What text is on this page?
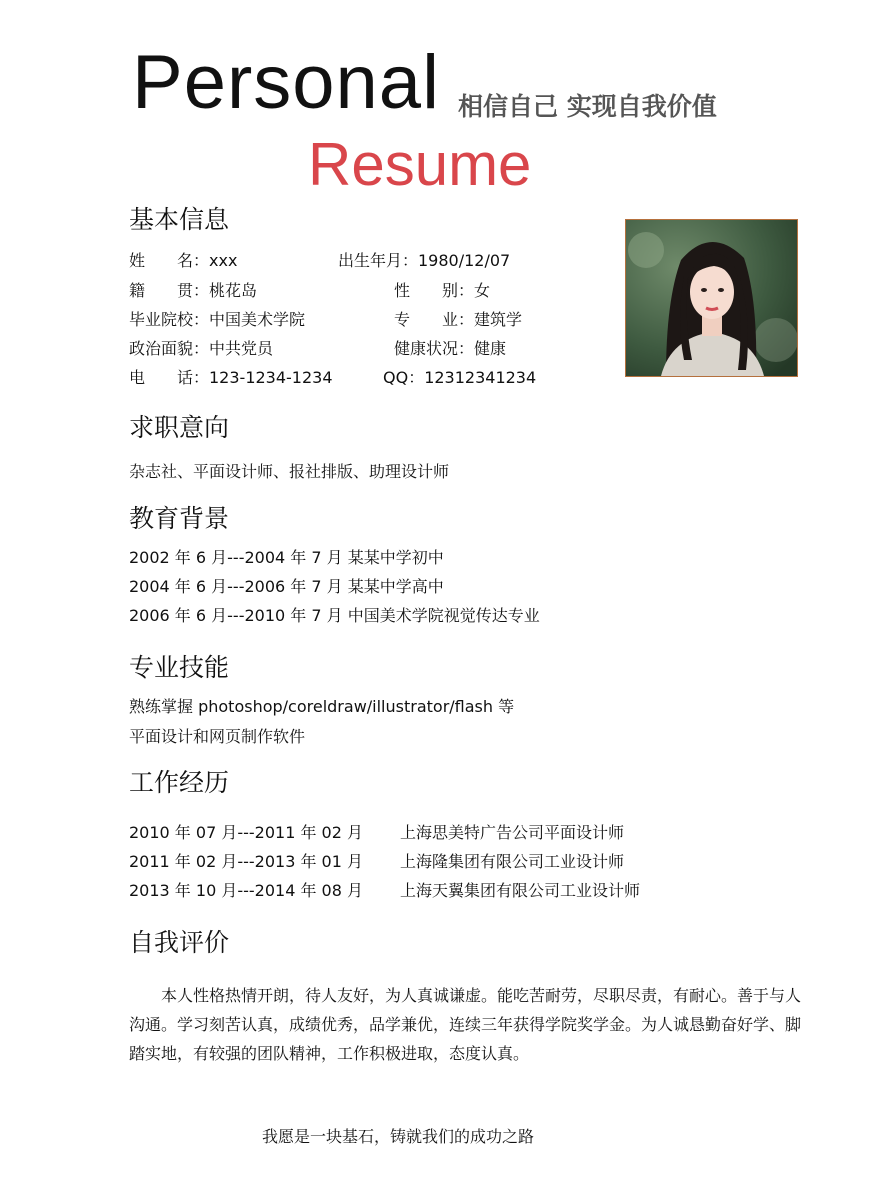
Personal 相信自己 实现自我价值
Resume
基本信息
姓　　名：xxx	出生年月：1980/12/07
籍　　贯：桃花岛	性　　别：女
毕业院校：中国美术学院	专　　业：建筑学
政治面貌：中共党员	健康状况：健康
电　　话：123-1234-1234	QQ：12312341234
求职意向
杂志社、平面设计师、报社排版、助理设计师
教育背景
2002 年 6 月---2004 年 7 月 某某中学初中
2004 年 6 月---2006 年 7 月 某某中学高中
2006 年 6 月---2010 年 7 月 中国美术学院视觉传达专业
专业技能
熟练掌握 photoshop/coreldraw/illustrator/flash 等
平面设计和网页制作软件
工作经历
2010 年 07 月---2011 年 02 月 上海思美特广告公司平面设计师
2011 年 02 月---2013 年 01 月 上海隆集团有限公司工业设计师
2013 年 10 月---2014 年 08 月 上海天翼集团有限公司工业设计师
自我评价
本人性格热情开朗，待人友好，为人真诚谦虚。能吃苦耐劳，尽职尽责，有耐心。善于与人沟通。学习刻苦认真，成绩优秀，品学兼优，连续三年获得学院奖学金。为人诚恳勤奋好学、脚踏实地，有较强的团队精神，工作积极进取，态度认真。
我愿是一块基石，铸就我们的成功之路
